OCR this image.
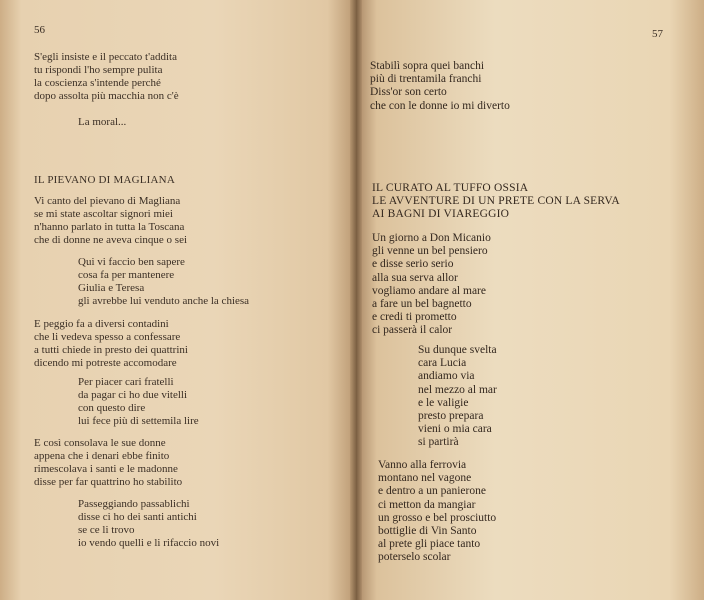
56
S'egli insiste e il peccato t'addita
tu rispondi l'ho sempre pulita
la coscienza s'intende perché
dopo assolta più macchia non c'è
La moral...
IL PIEVANO DI MAGLIANA
Vi canto del pievano di Magliana
se mi state ascoltar signori miei
n'hanno parlato in tutta la Toscana
che di donne ne aveva cinque o sei
Qui vi faccio ben sapere
cosa fa per mantenere
Giulia e Teresa
gli avrebbe lui venduto anche la chiesa
E peggio fa a diversi contadini
che li vedeva spesso a confessare
a tutti chiede in presto dei quattrini
dicendo mi potreste accomodare
Per piacer cari fratelli
da pagar ci ho due vitelli
con questo dire
lui fece più di settemila lire
E così consolava le sue donne
appena che i denari ebbe finito
rimescolava i santi e le madonne
disse per far quattrino ho stabilito
Passeggiando passablichi
disse ci ho dei santi antichi
se ce li trovo
io vendo quelli e li rifaccio novi
57
Stabilì sopra quei banchi
più di trentamila franchi
Diss'or son certo
che con le donne io mi diverto
IL CURATO AL TUFFO OSSIA
LE AVVENTURE DI UN PRETE CON LA SERVA
AI BAGNI DI VIAREGGIO
Un giorno a Don Micanio
gli venne un bel pensiero
e disse serio serio
alla sua serva allor
vogliamo andare al mare
a fare un bel bagnetto
e credi ti prometto
ci passerà il calor
Su dunque svelta
cara Lucia
andiamo via
nel mezzo al mar
e le valigie
presto prepara
vieni o mia cara
si partirà
Vanno alla ferrovia
montano nel vagone
e dentro a un panierone
ci metton da mangiar
un grosso e bel prosciutto
bottiglie di Vin Santo
al prete gli piace tanto
poterselo scolar
